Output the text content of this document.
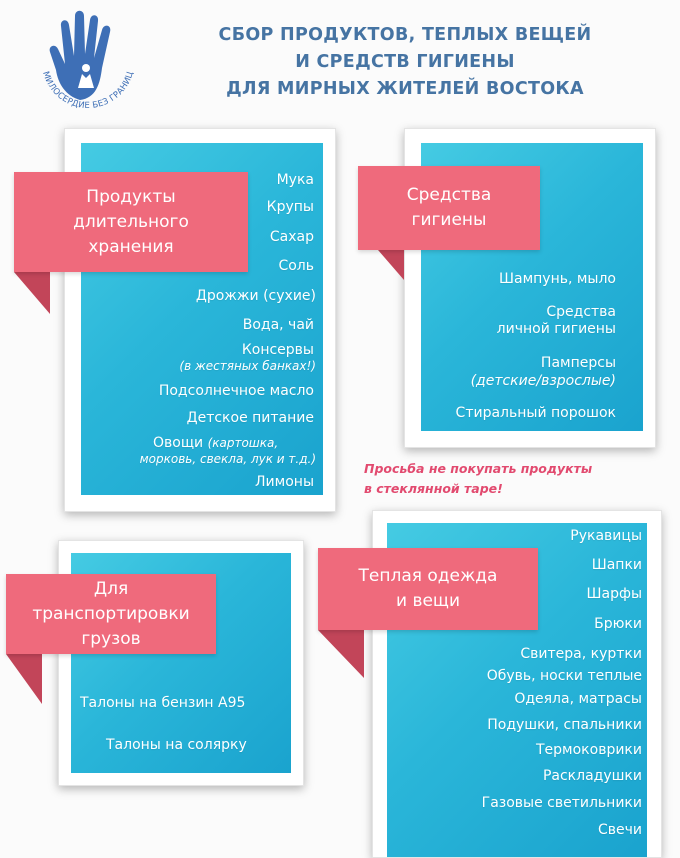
МИЛОСЕРДИЕ БЕЗ ГРАНИЦ
СБОР ПРОДУКТОВ, ТЕПЛЫХ ВЕЩЕЙ
И СРЕДСТВ ГИГИЕНЫ
ДЛЯ МИРНЫХ ЖИТЕЛЕЙ ВОСТОКА
Продукты
длительного
хранения
Мука
Крупы
Сахар
Соль
Дрожжи (сухие)
Вода, чай
Консервы
(в жестяных банках!)
Подсолнечное масло
Детское питание
Овощи (картошка,
морковь, свекла, лук и т.д.)
Лимоны
Средства
гигиены
Шампунь, мыло
Средства
личной гигиены
Памперсы
(детские/взрослые)
Стиральный порошок
Просьба не покупать продукты
в стеклянной таре!
Для
транспортировки
грузов
Талоны на бензин А95
Талоны на солярку
Теплая одежда
и вещи
Рукавицы
Шапки
Шарфы
Брюки
Свитера, куртки
Обувь, носки теплые
Одеяла, матрасы
Подушки, спальники
Термоковрики
Раскладушки
Газовые светильники
Свечи
